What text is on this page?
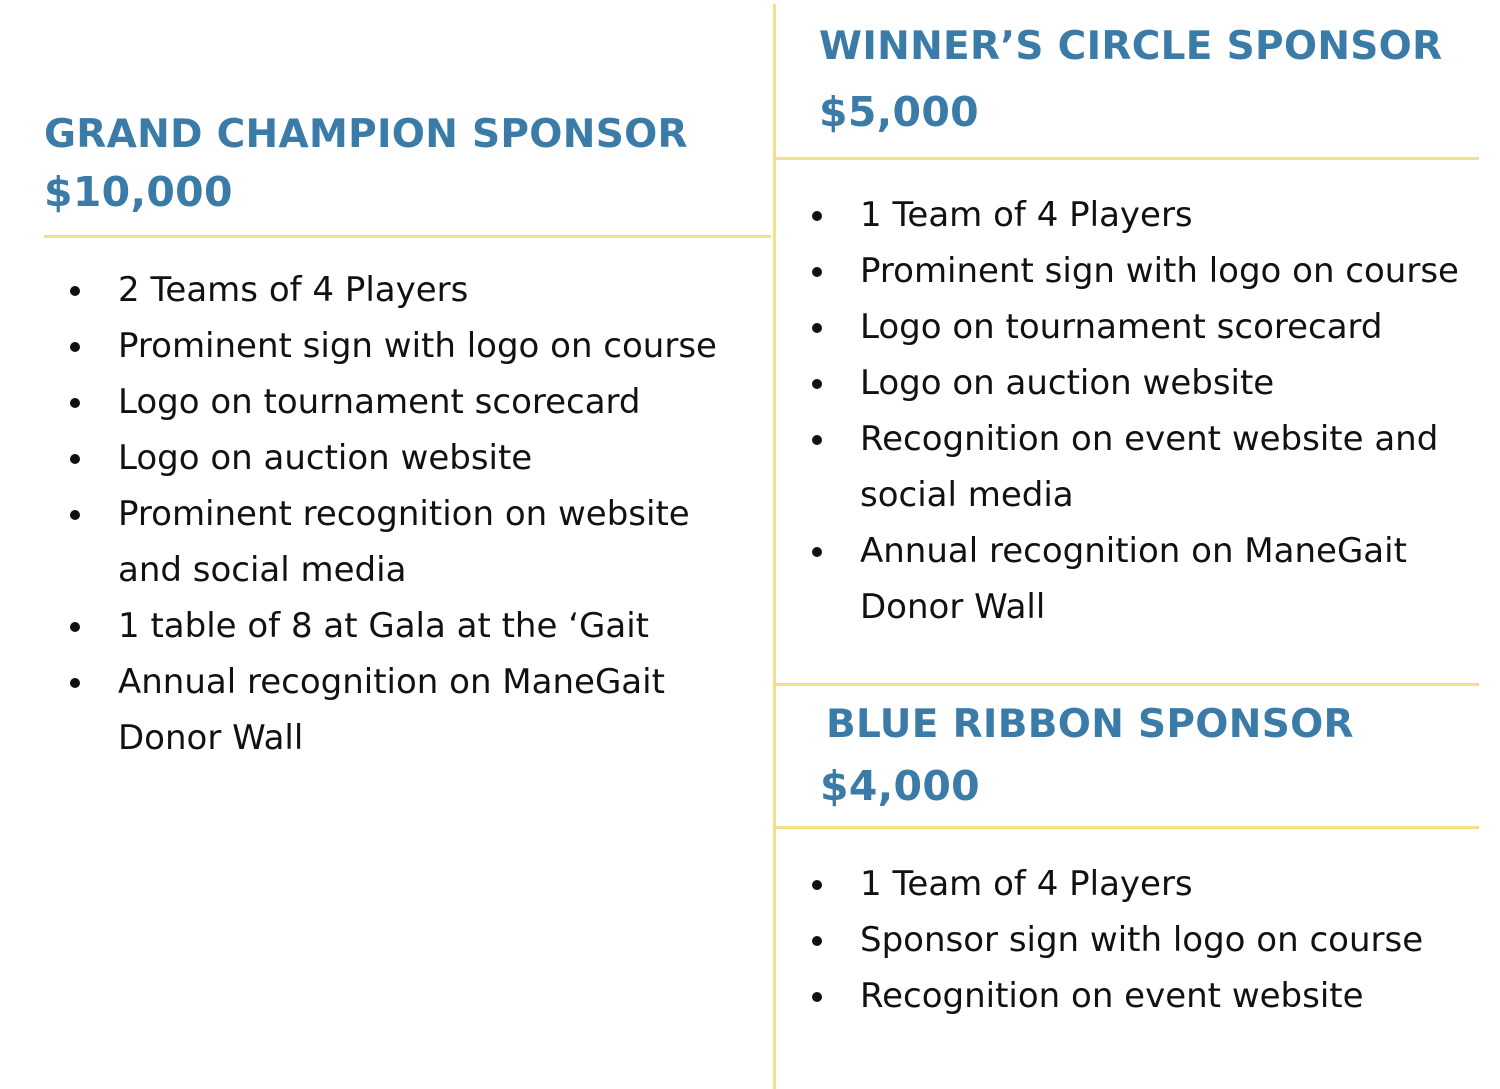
GRAND CHAMPION SPONSOR
$10,000
2 Teams of 4 Players
Prominent sign with logo on course
Logo on tournament scorecard
Logo on auction website
Prominent recognition on website and social media
1 table of 8 at Gala at the ‘Gait
Annual recognition on ManeGait Donor Wall
WINNER’S CIRCLE SPONSOR
$5,000
1 Team of 4 Players
Prominent sign with logo on course
Logo on tournament scorecard
Logo on auction website
Recognition on event website and social media
Annual recognition on ManeGait Donor Wall
BLUE RIBBON SPONSOR
$4,000
1 Team of 4 Players
Sponsor sign with logo on course
Recognition on event website
